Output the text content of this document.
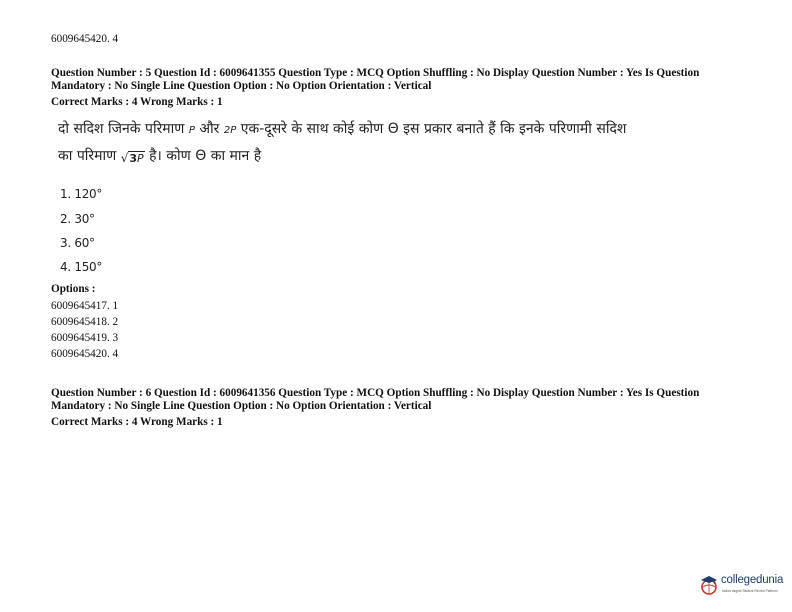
6009645420. 4
Question Number : 5 Question Id : 6009641355 Question Type : MCQ Option Shuffling : No Display Question Number : Yes Is Question
Mandatory : No Single Line Question Option : No Option Orientation : Vertical
Correct Marks : 4 Wrong Marks : 1
दो सदिश जिनके परिमाण P और 2P एक-दूसरे के साथ कोई कोण Θ इस प्रकार बनाते हैं कि इनके परिणामी सदिश
का परिमाण √3P है। कोण Θ का मान है
1. 120°
2. 30°
3. 60°
4. 150°
Options :
6009645417. 1
6009645418. 2
6009645419. 3
6009645420. 4
Question Number : 6 Question Id : 6009641356 Question Type : MCQ Option Shuffling : No Display Question Number : Yes Is Question
Mandatory : No Single Line Question Option : No Option Orientation : Vertical
Correct Marks : 4 Wrong Marks : 1
collegedunia
India's largest Student Review Platform
